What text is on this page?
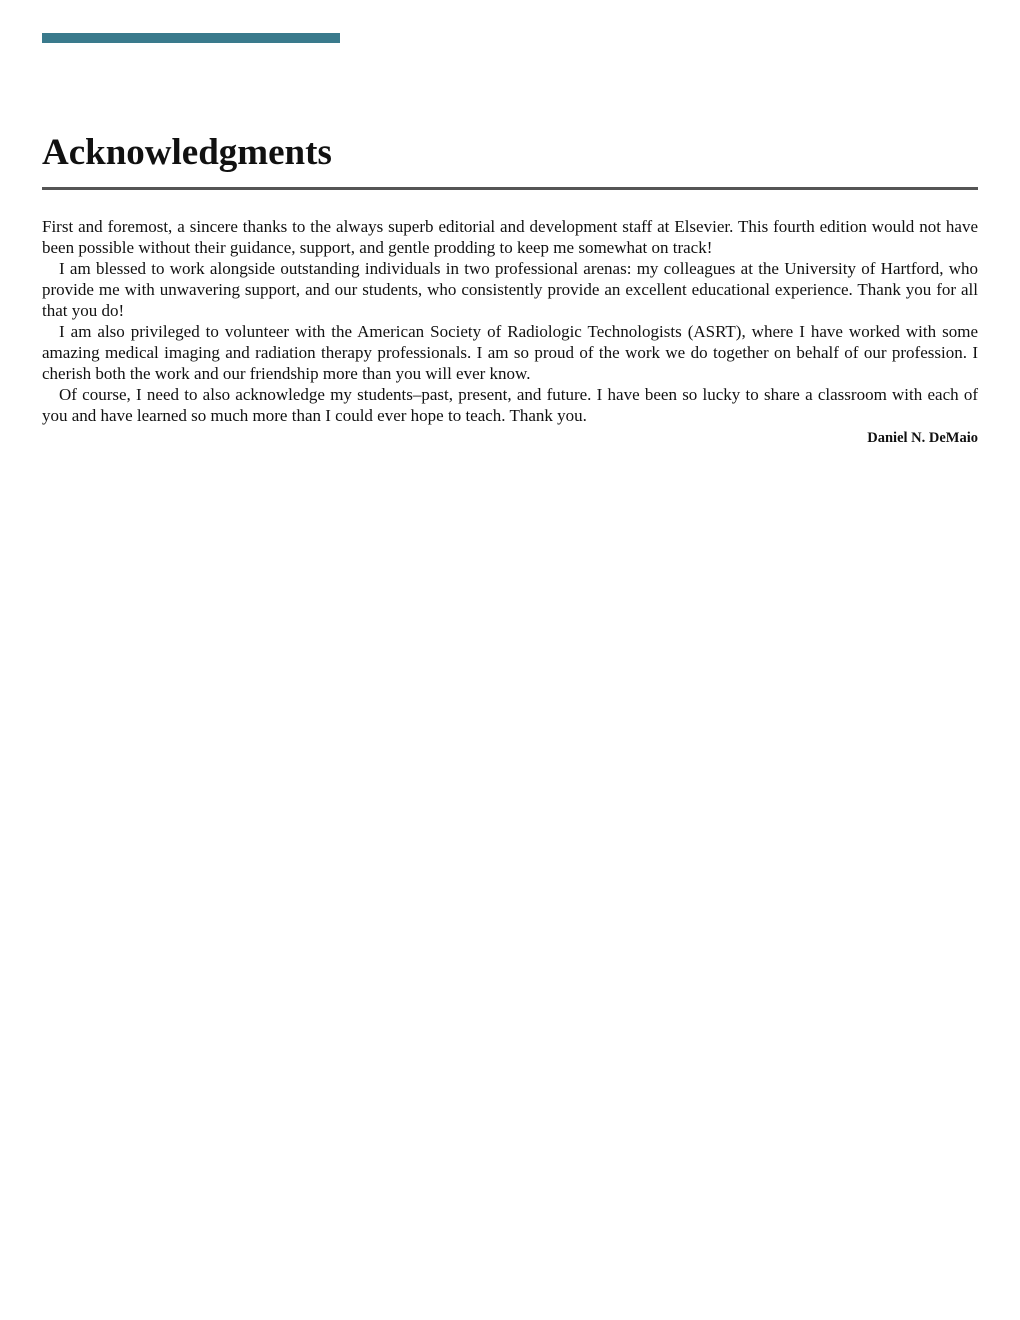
Acknowledgments

First and foremost, a sincere thanks to the always superb editorial and development staff at Elsevier. This fourth edition would not have been possible without their guidance, support, and gentle prodding to keep me somewhat on track!

I am blessed to work alongside outstanding individuals in two professional arenas: my colleagues at the University of Hartford, who provide me with unwavering support, and our students, who consistently provide an excellent educational experience. Thank you for all that you do!

I am also privileged to volunteer with the American Society of Radiologic Technologists (ASRT), where I have worked with some amazing medical imaging and radiation therapy professionals. I am so proud of the work we do together on behalf of our profession. I cherish both the work and our friendship more than you will ever know.

Of course, I need to also acknowledge my students–past, present, and future. I have been so lucky to share a classroom with each of you and have learned so much more than I could ever hope to teach. Thank you.

Daniel N. DeMaio
